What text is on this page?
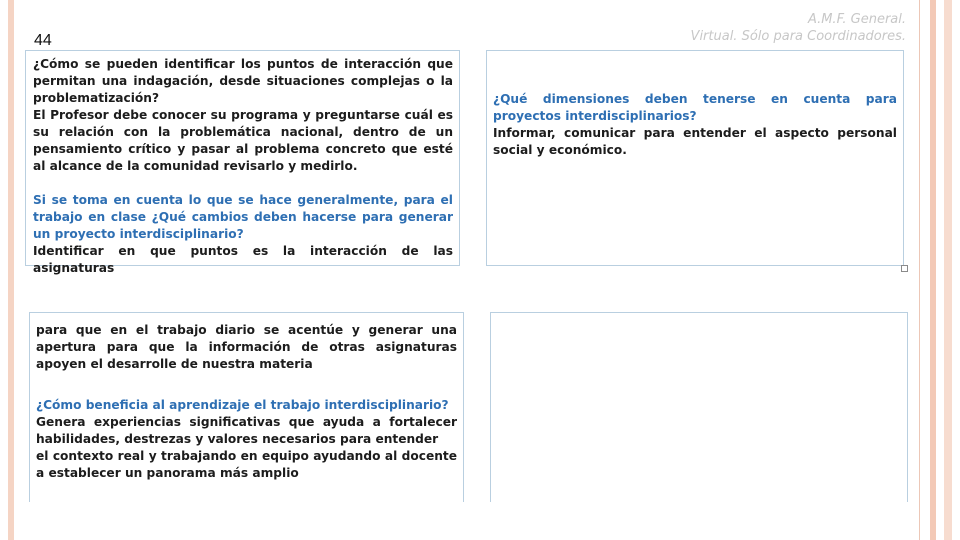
44
A.M.F. General.
Virtual. Sólo para Coordinadores.

¿Cómo se pueden identificar los puntos de interacción que permitan una indagación, desde situaciones complejas o la problematización?

El Profesor debe conocer su programa y preguntarse cuál es su relación con la problemática nacional, dentro de un pensamiento crítico y pasar al problema concreto que esté al alcance de la comunidad revisarlo y medirlo.

Si se toma en cuenta lo que se hace generalmente, para el trabajo en clase ¿Qué cambios deben hacerse para generar un proyecto interdisciplinario?

Identificar en que puntos es la interacción de las asignaturas

¿Qué dimensiones deben tenerse en cuenta para proyectos interdisciplinarios?

Informar, comunicar para entender el aspecto personal social y económico.

para que en el trabajo diario se acentúe y generar una apertura para que la información de otras asignaturas apoyen el desarrolle de nuestra materia

¿Cómo beneficia al aprendizaje el trabajo interdisciplinario?

Genera experiencias significativas que ayuda a fortalecer habilidades, destrezas y valores necesarios para entender

el contexto real y trabajando en equipo ayudando al docente a establecer un panorama más amplio
